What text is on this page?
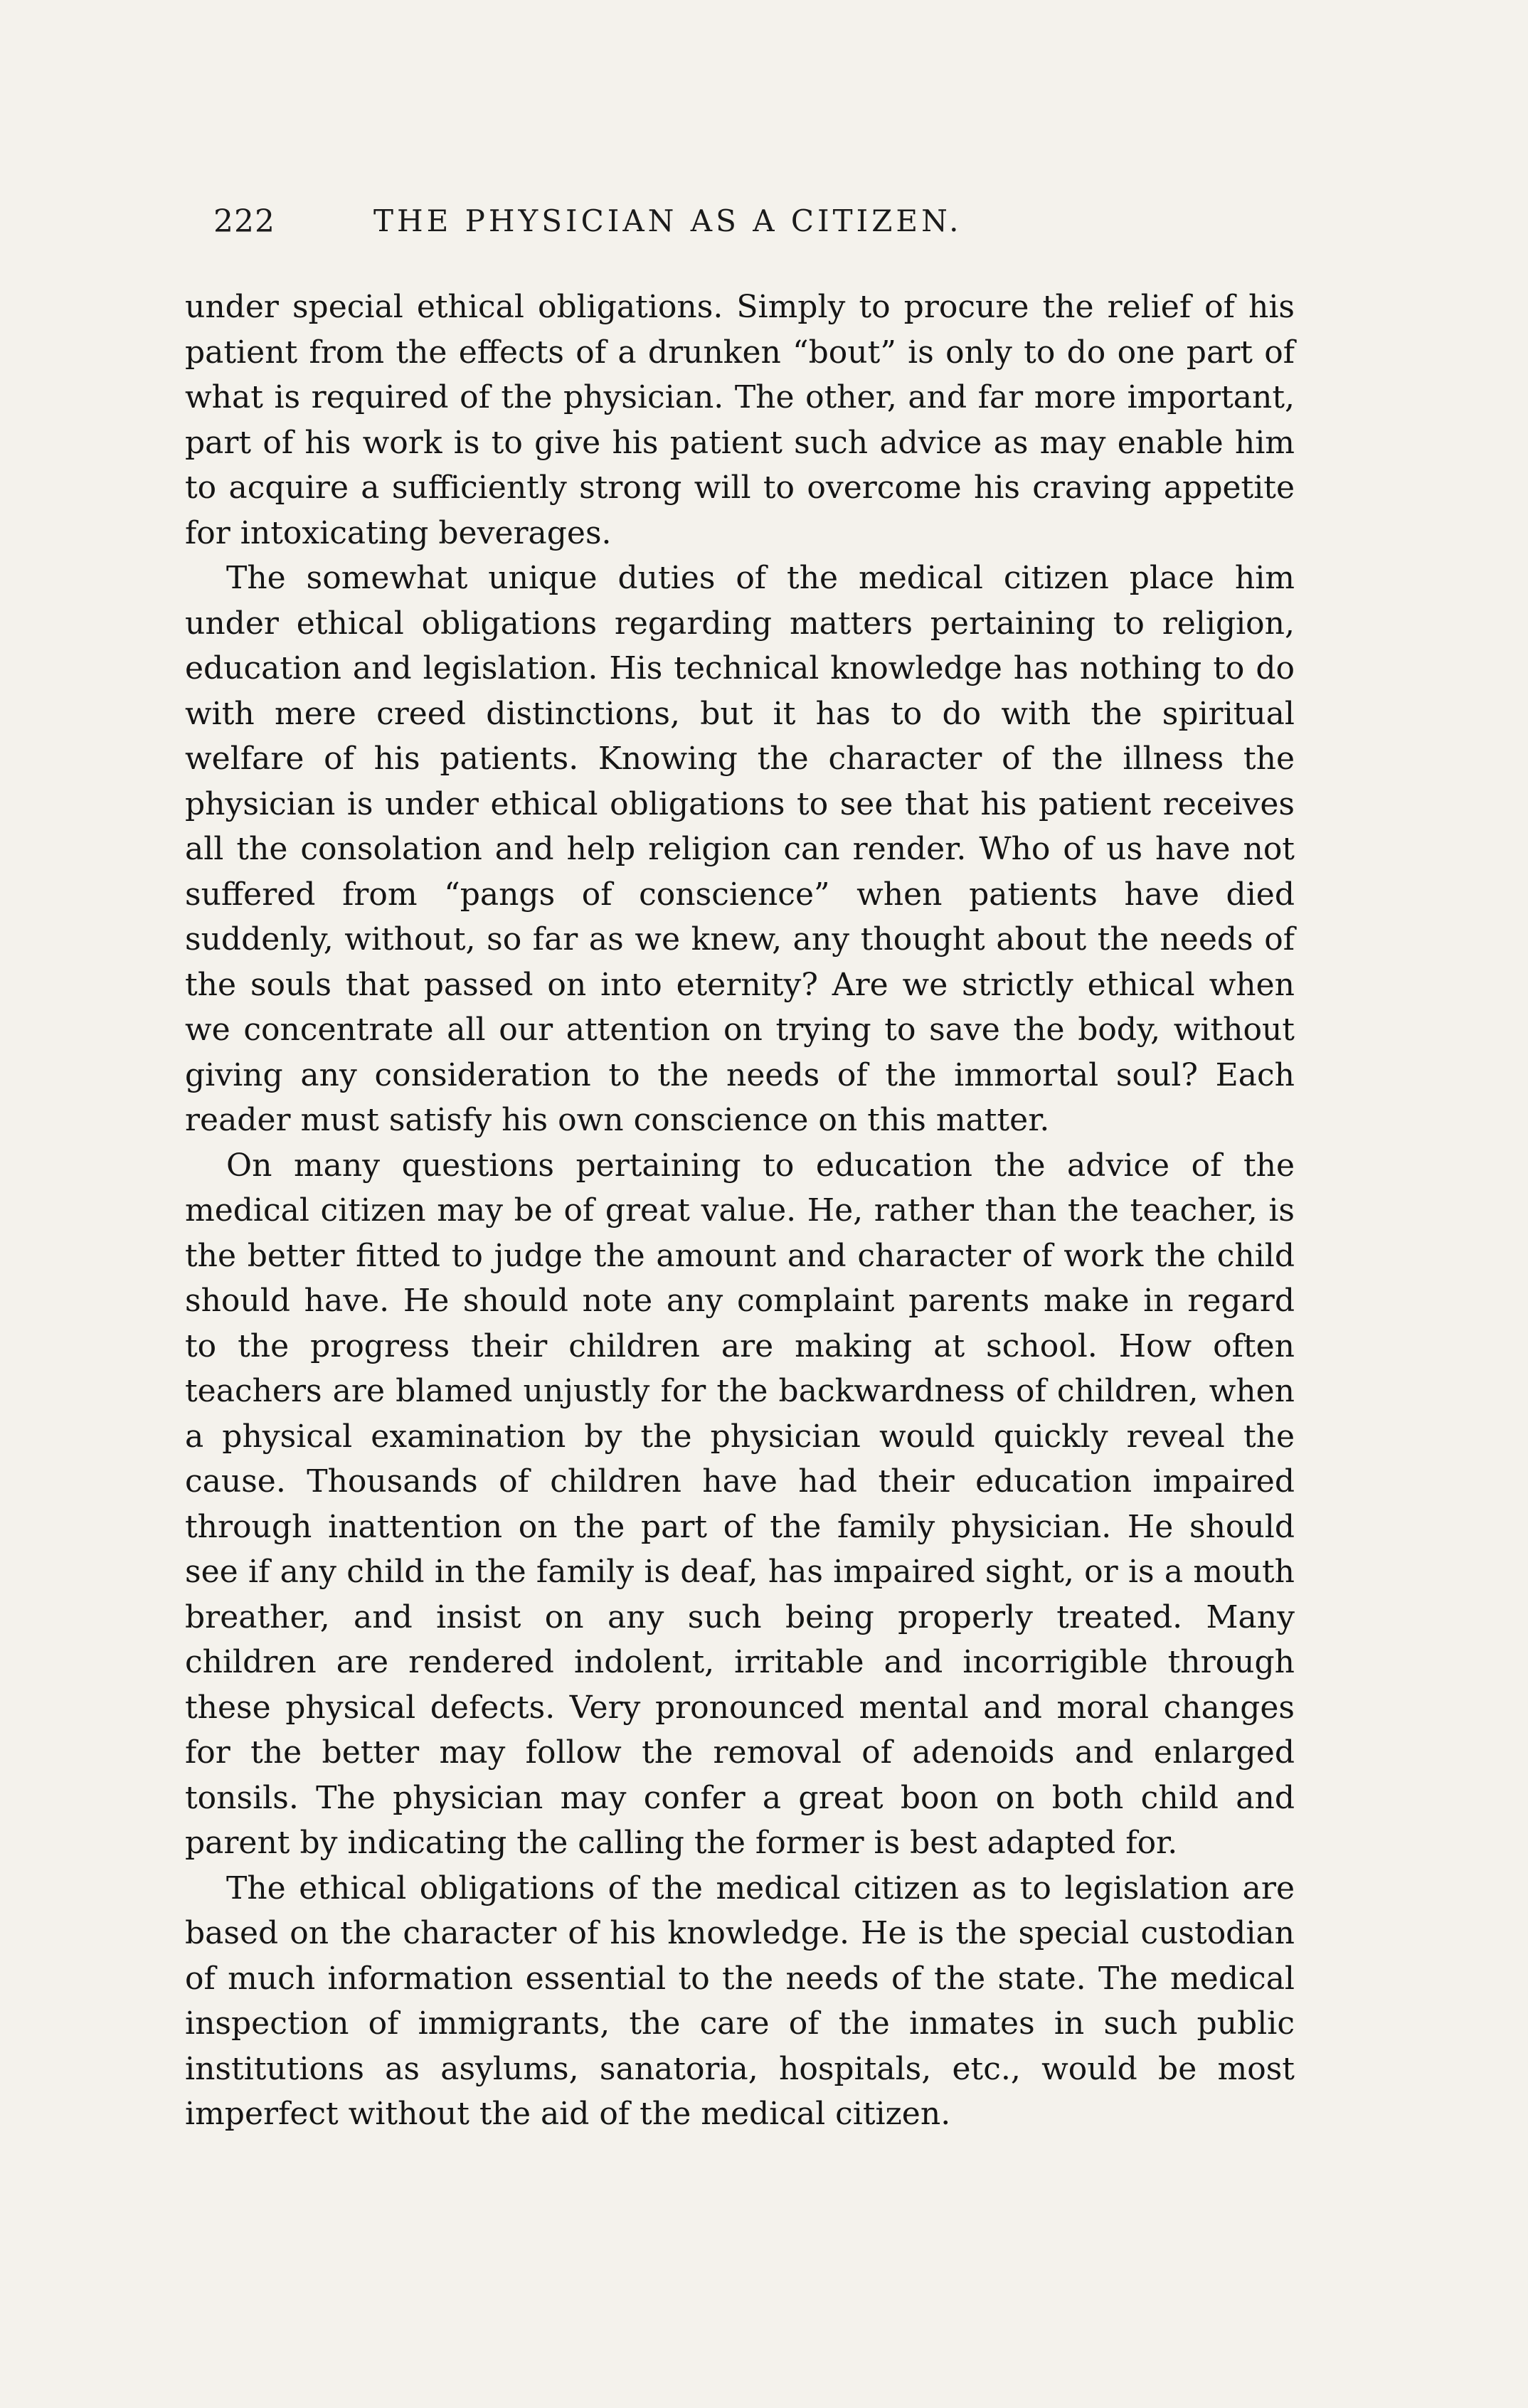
222	THE PHYSICIAN AS A CITIZEN.

under special ethical obligations. Simply to procure the relief of his patient from the effects of a drunken “bout” is only to do one part of what is required of the physician. The other, and far more important, part of his work is to give his patient such advice as may enable him to acquire a sufficiently strong will to overcome his craving appetite for intoxicating beverages.

The somewhat unique duties of the medical citizen place him under ethical obligations regarding matters pertaining to religion, education and legislation. His technical knowledge has nothing to do with mere creed distinctions, but it has to do with the spiritual welfare of his patients. Knowing the character of the illness the physician is under ethical obligations to see that his patient receives all the consolation and help religion can render. Who of us have not suffered from “pangs of conscience” when patients have died suddenly, without, so far as we knew, any thought about the needs of the souls that passed on into eternity? Are we strictly ethical when we concentrate all our attention on trying to save the body, without giving any consideration to the needs of the immortal soul? Each reader must satisfy his own conscience on this matter.

On many questions pertaining to education the advice of the medical citizen may be of great value. He, rather than the teacher, is the better fitted to judge the amount and character of work the child should have. He should note any complaint parents make in regard to the progress their children are making at school. How often teachers are blamed unjustly for the backwardness of children, when a physical examination by the physician would quickly reveal the cause. Thousands of children have had their education impaired through inattention on the part of the family physician. He should see if any child in the family is deaf, has impaired sight, or is a mouth breather, and insist on any such being properly treated. Many children are rendered indolent, irritable and incorrigible through these physical defects. Very pronounced mental and moral changes for the better may follow the removal of adenoids and enlarged tonsils. The physician may confer a great boon on both child and parent by indicating the calling the former is best adapted for.

The ethical obligations of the medical citizen as to legislation are based on the character of his knowledge. He is the special custodian of much information essential to the needs of the state. The medical inspection of immigrants, the care of the inmates in such public institutions as asylums, sanatoria, hospitals, etc., would be most imperfect without the aid of the medical citizen.
